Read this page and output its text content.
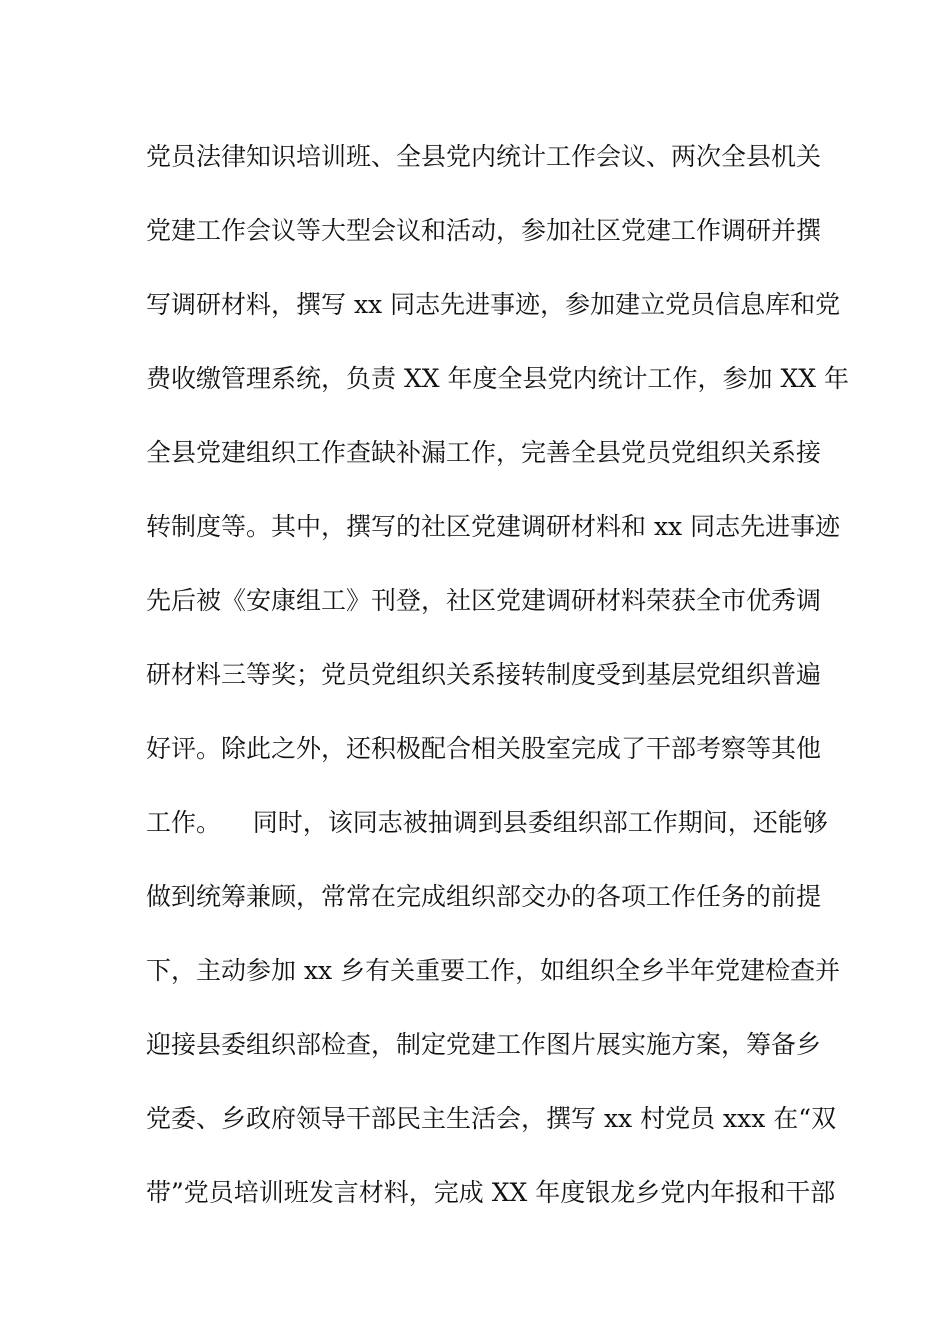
党员法律知识培训班、全县党内统计工作会议、两次全县机关
党建工作会议等大型会议和活动，参加社区党建工作调研并撰
写调研材料，撰写 xx 同志先进事迹，参加建立党员信息库和党
费收缴管理系统，负责 XX 年度全县党内统计工作，参加 XX 年
全县党建组织工作查缺补漏工作，完善全县党员党组织关系接
转制度等。其中，撰写的社区党建调研材料和 xx 同志先进事迹
先后被《安康组工》刊登，社区党建调研材料荣获全市优秀调
研材料三等奖；党员党组织关系接转制度受到基层党组织普遍
好评。除此之外，还积极配合相关股室完成了干部考察等其他
工作。    同时，该同志被抽调到县委组织部工作期间，还能够
做到统筹兼顾，常常在完成组织部交办的各项工作任务的前提
下，主动参加 xx 乡有关重要工作，如组织全乡半年党建检查并
迎接县委组织部检查，制定党建工作图片展实施方案，筹备乡
党委、乡政府领导干部民主生活会，撰写 xx 村党员 xxx 在“双
带”党员培训班发言材料，完成 XX 年度银龙乡党内年报和干部
